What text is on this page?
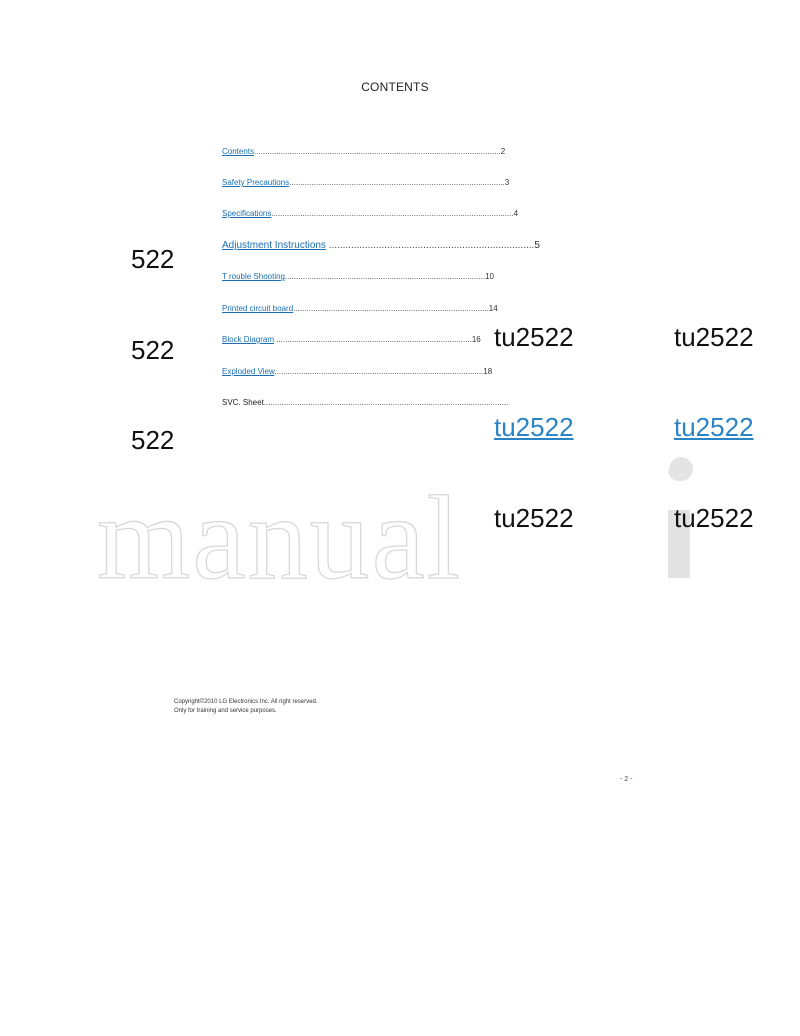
CONTENTS
Contents...............................................................................................................2
Safety Precautions.................................................................................................3
Specifications.............................................................................................................4
Adjustment Instructions ..........................................................................5
T rouble Shooting..........................................................................................10
Printed circuit board........................................................................................14
Block Diagram ........................................................................................16
Exploded View..............................................................................................18
SVC. Sheet..............................................................................................................
manual
522
522
522
tu2522
tu2522
tu2522
tu2522
tu2522
tu2522
Copyright©2010 LG Electronics Inc. All right reserved.
Only for training and service purposes.
- 2 -
